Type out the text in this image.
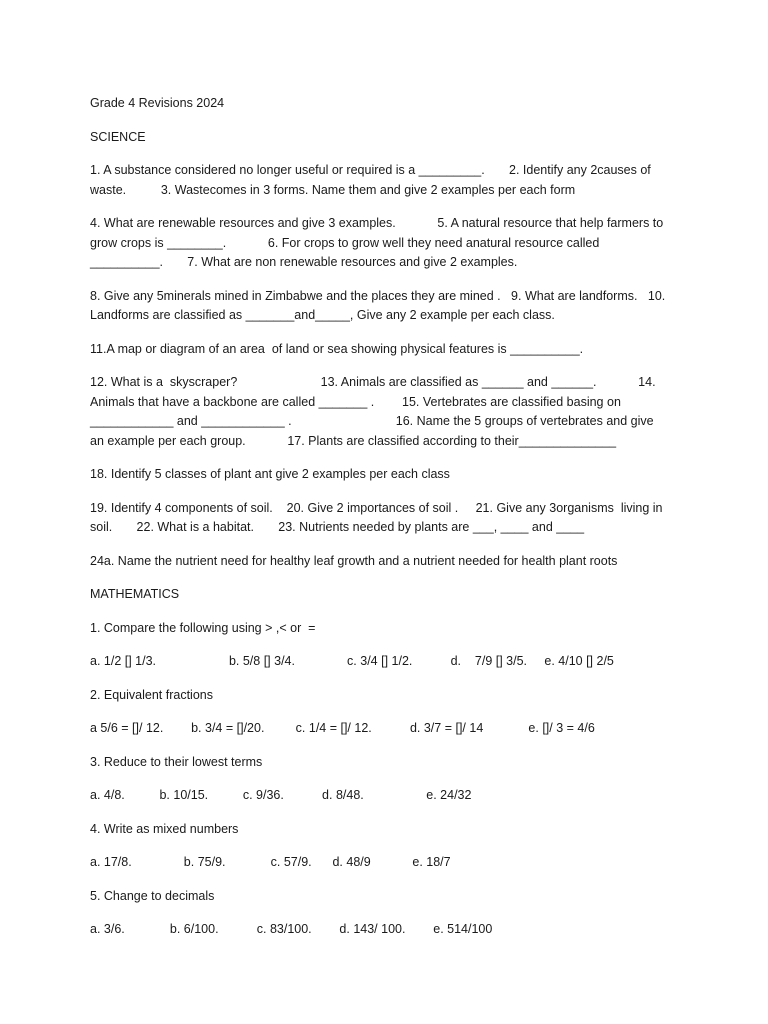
Grade 4 Revisions 2024

SCIENCE

1. A substance considered no longer useful or required is a _________.       2. Identify any 2causes of
waste.          3. Wastecomes in 3 forms. Name them and give 2 examples per each form

4. What are renewable resources and give 3 examples.            5. A natural resource that help farmers to
grow crops is ________.            6. For crops to grow well they need anatural resource called
__________.       7. What are non renewable resources and give 2 examples.

8. Give any 5minerals mined in Zimbabwe and the places they are mined .   9. What are landforms.   10.
Landforms are classified as _______and_____, Give any 2 example per each class.

11.A map or diagram of an area  of land or sea showing physical features is __________.

12. What is a  skyscraper?                        13. Animals are classified as ______ and ______.            14.
Animals that have a backbone are called _______ .        15. Vertebrates are classified basing on
____________ and ____________ .                              16. Name the 5 groups of vertebrates and give
an example per each group.            17. Plants are classified according to their______________

18. Identify 5 classes of plant ant give 2 examples per each class

19. Identify 4 components of soil.    20. Give 2 importances of soil .     21. Give any 3organisms  living in
soil.       22. What is a habitat.       23. Nutrients needed by plants are ___, ____ and ____

24a. Name the nutrient need for healthy leaf growth and a nutrient needed for health plant roots

MATHEMATICS

1. Compare the following using > ,< or  =

a. 1/2 [] 1/3.                     b. 5/8 [] 3/4.               c. 3/4 [] 1/2.           d.    7/9 [] 3/5.     e. 4/10 [] 2/5

2. Equivalent fractions

a 5/6 = []/ 12.        b. 3/4 = []/20.         c. 1/4 = []/ 12.           d. 3/7 = []/ 14             e. []/ 3 = 4/6

3. Reduce to their lowest terms

a. 4/8.          b. 10/15.          c. 9/36.           d. 8/48.                  e. 24/32

4. Write as mixed numbers

a. 17/8.               b. 75/9.             c. 57/9.      d. 48/9            e. 18/7

5. Change to decimals

a. 3/6.             b. 6/100.           c. 83/100.        d. 143/ 100.        e. 514/100
